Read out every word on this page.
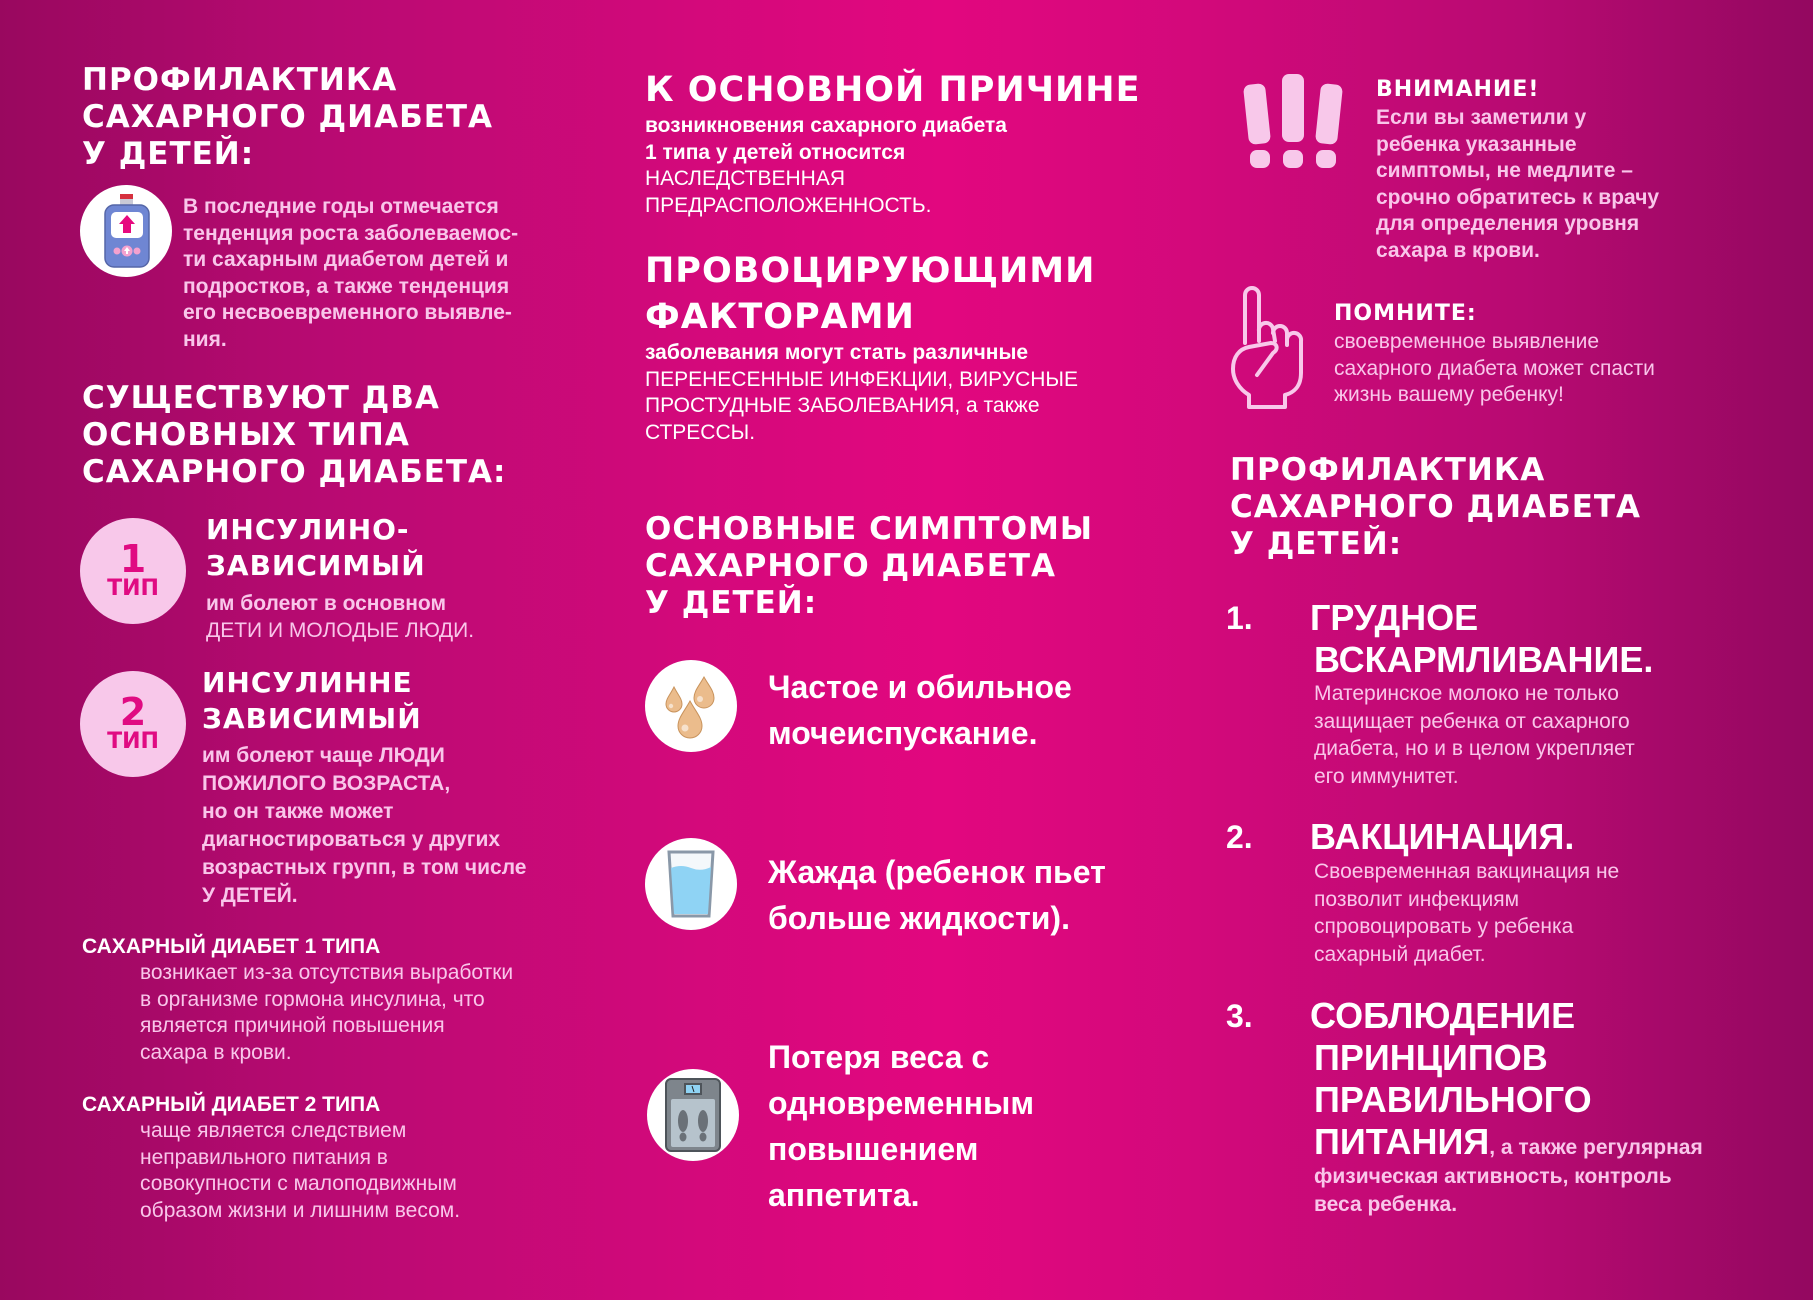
ПРОФИЛАКТИКА
САХАРНОГО ДИАБЕТА
У ДЕТЕЙ:
В последние годы отмечается
тенденция роста заболеваемос-
ти сахарным диабетом детей и
подростков, а также тенденция
его несвоевременного выявле-
ния.
СУЩЕСТВУЮТ ДВА
ОСНОВНЫХ ТИПА
САХАРНОГО ДИАБЕТА:
1
ТИП
ИНСУЛИНО-
ЗАВИСИМЫЙ
им болеют в основном
ДЕТИ И МОЛОДЫЕ ЛЮДИ.
2
ТИП
ИНСУЛИННЕ
ЗАВИСИМЫЙ
им болеют чаще ЛЮДИ
ПОЖИЛОГО ВОЗРАСТА,
но он также может
диагностироваться у других
возрастных групп, в том числе
У ДЕТЕЙ.
САХАРНЫЙ ДИАБЕТ 1 ТИПА
возникает из-за отсутствия выработки
в организме гормона инсулина, что
является причиной повышения
сахара в крови.
САХАРНЫЙ ДИАБЕТ 2 ТИПА
чаще является следствием
неправильного питания в
совокупности с малоподвижным
образом жизни и лишним весом.
К ОСНОВНОЙ ПРИЧИНЕ
возникновения сахарного диабета
1 типа у детей относится
НАСЛЕДСТВЕННАЯ
ПРЕДРАСПОЛОЖЕННОСТЬ.
ПРОВОЦИРУЮЩИМИ
ФАКТОРАМИ
заболевания могут стать различные
ПЕРЕНЕСЕННЫЕ ИНФЕКЦИИ, ВИРУСНЫЕ
ПРОСТУДНЫЕ ЗАБОЛЕВАНИЯ, а также
СТРЕССЫ.
ОСНОВНЫЕ СИМПТОМЫ
САХАРНОГО ДИАБЕТА
У ДЕТЕЙ:
Частое и обильное
мочеиспускание.
Жажда (ребенок пьет
больше жидкости).
Потеря веса с
одновременным
повышением
аппетита.
ВНИМАНИЕ!
Если вы заметили у
ребенка указанные
симптомы, не медлите –
срочно обратитесь к врачу
для определения уровня
сахара в крови.
ПОМНИТЕ:
своевременное выявление
сахарного диабета может спасти
жизнь вашему ребенку!
ПРОФИЛАКТИКА
САХАРНОГО ДИАБЕТА
У ДЕТЕЙ:
1.	ГРУДНОЕ
ВСКАРМЛИВАНИЕ.
Материнское молоко не только
защищает ребенка от сахарного
диабета, но и в целом укрепляет
его иммунитет.
2.	ВАКЦИНАЦИЯ.
Своевременная вакцинация не
позволит инфекциям
спровоцировать у ребенка
сахарный диабет.
3.	СОБЛЮДЕНИЕ
ПРИНЦИПОВ
ПРАВИЛЬНОГО
ПИТАНИЯ, а также регулярная
физическая активность, контроль
веса ребенка.
